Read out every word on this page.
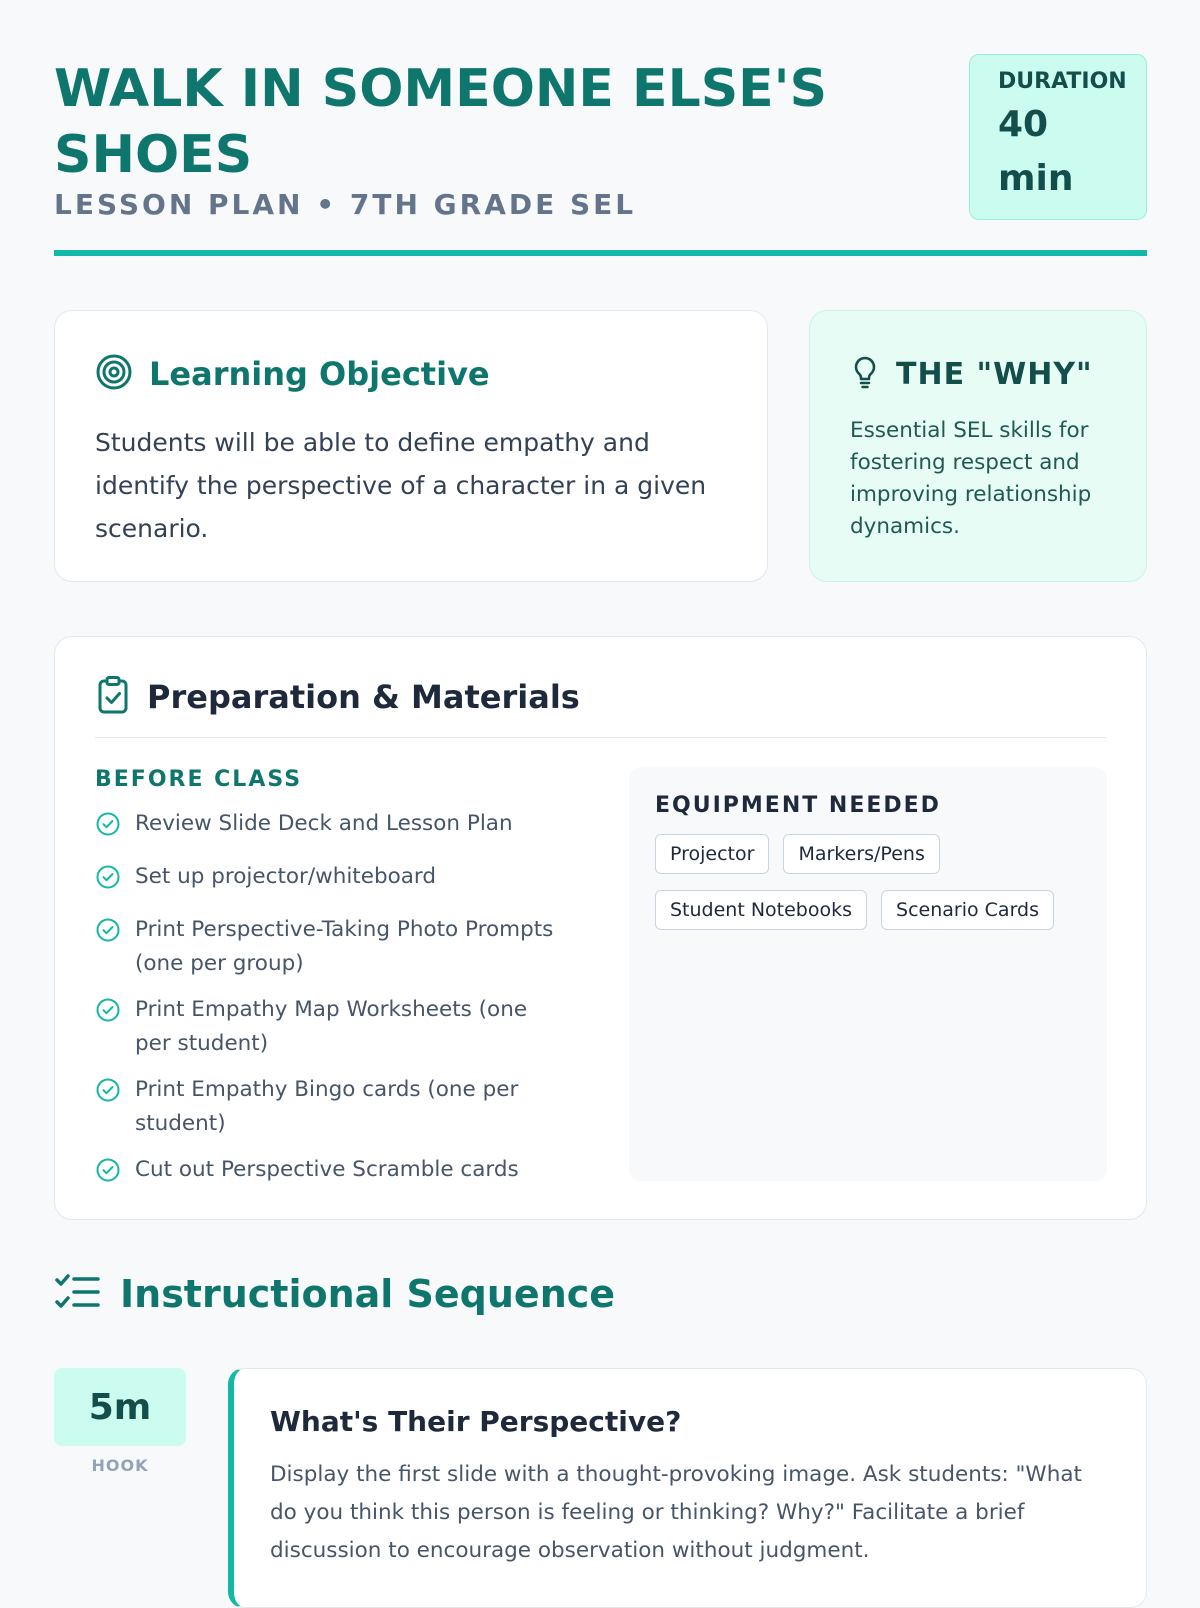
WALK IN SOMEONE ELSE'S SHOES
LESSON PLAN • 7TH GRADE SEL
DURATION
40 min
Learning Objective

Students will be able to define empathy and identify the perspective of a character in a given scenario.

THE "WHY"

Essential SEL skills for fostering respect and improving relationship dynamics.

Preparation & Materials
BEFORE CLASS
Review Slide Deck and Lesson Plan
Set up projector/whiteboard
Print Perspective-Taking Photo Prompts (one per group)
Print Empathy Map Worksheets (one per student)
Print Empathy Bingo cards (one per student)
Cut out Perspective Scramble cards
EQUIPMENT NEEDED
Projector	Markers/Pens
Student Notebooks	Scenario Cards
Instructional Sequence
5m
HOOK
What's Their Perspective?

Display the first slide with a thought-provoking image. Ask students: "What do you think this person is feeling or thinking? Why?" Facilitate a brief discussion to encourage observation without judgment.
